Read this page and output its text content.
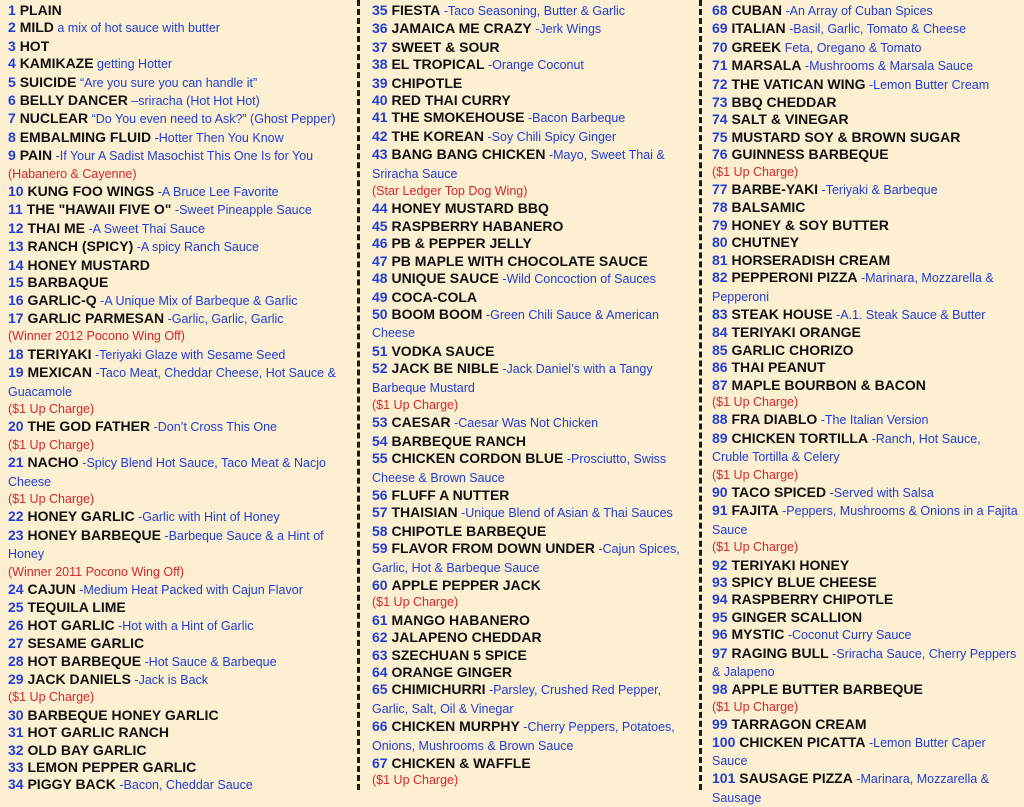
1 PLAIN
2 MILD a mix of hot sauce with butter
3 HOT
4 KAMIKAZE getting Hotter
5 SUICIDE “Are you sure you can handle it”
6 BELLY DANCER –sriracha (Hot Hot Hot)
7 NUCLEAR “Do You even need to Ask?” (Ghost Pepper)
8 EMBALMING FLUID -Hotter Then You Know
9 PAIN -If Your A Sadist Masochist This One Is for You
(Habanero & Cayenne)
10 KUNG FOO WINGS -A Bruce Lee Favorite
11 THE "HAWAII FIVE O" -Sweet Pineapple Sauce
12 THAI ME -A Sweet Thai Sauce
13 RANCH (SPICY) -A spicy Ranch Sauce
14 HONEY MUSTARD
15 BARBAQUE
16 GARLIC-Q -A Unique Mix of Barbeque & Garlic
17 GARLIC PARMESAN -Garlic, Garlic, Garlic
(Winner 2012 Pocono Wing Off)
18 TERIYAKI -Teriyaki Glaze with Sesame Seed
19 MEXICAN -Taco Meat, Cheddar Cheese, Hot Sauce & Guacamole
($1 Up Charge)
20 THE GOD FATHER -Don’t Cross This One
($1 Up Charge)
21 NACHO -Spicy Blend Hot Sauce, Taco Meat & Nacjo Cheese
($1 Up Charge)
22 HONEY GARLIC -Garlic with Hint of Honey
23 HONEY BARBEQUE -Barbeque Sauce & a Hint of Honey
(Winner 2011 Pocono Wing Off)
24 CAJUN -Medium Heat Packed with Cajun Flavor
25 TEQUILA LIME
26 HOT GARLIC -Hot with a Hint of Garlic
27 SESAME GARLIC
28 HOT BARBEQUE -Hot Sauce & Barbeque
29 JACK DANIELS -Jack is Back
($1 Up Charge)
30 BARBEQUE HONEY GARLIC
31 HOT GARLIC RANCH
32 OLD BAY GARLIC
33 LEMON PEPPER GARLIC
34 PIGGY BACK -Bacon, Cheddar Sauce
35 FIESTA -Taco Seasoning, Butter & Garlic
36 JAMAICA ME CRAZY -Jerk Wings
37 SWEET & SOUR
38 EL TROPICAL -Orange Coconut
39 CHIPOTLE
40 RED THAI CURRY
41 THE SMOKEHOUSE -Bacon Barbeque
42 THE KOREAN -Soy Chili Spicy Ginger
43 BANG BANG CHICKEN -Mayo, Sweet Thai & Sriracha Sauce
(Star Ledger Top Dog Wing)
44 HONEY MUSTARD BBQ
45 RASPBERRY HABANERO
46 PB & PEPPER JELLY
47 PB MAPLE WITH CHOCOLATE SAUCE
48 UNIQUE SAUCE -Wild Concoction of Sauces
49 COCA-COLA
50 BOOM BOOM -Green Chili Sauce & American Cheese
51 VODKA SAUCE
52 JACK BE NIBLE -Jack Daniel’s with a Tangy Barbeque Mustard
($1 Up Charge)
53 CAESAR -Caesar Was Not Chicken
54 BARBEQUE RANCH
55 CHICKEN CORDON BLUE -Prosciutto, Swiss Cheese & Brown Sauce
56 FLUFF A NUTTER
57 THAISIAN -Unique Blend of Asian & Thai Sauces
58 CHIPOTLE BARBEQUE
59 FLAVOR FROM DOWN UNDER -Cajun Spices, Garlic, Hot & Barbeque Sauce
60 APPLE PEPPER JACK
($1 Up Charge)
61 MANGO HABANERO
62 JALAPENO CHEDDAR
63 SZECHUAN 5 SPICE
64 ORANGE GINGER
65 CHIMICHURRI -Parsley, Crushed Red Pepper, Garlic, Salt, Oil & Vinegar
66 CHICKEN MURPHY -Cherry Peppers, Potatoes, Onions, Mushrooms & Brown Sauce
67 CHICKEN & WAFFLE
($1 Up Charge)
68 CUBAN -An Array of Cuban Spices
69 ITALIAN -Basil, Garlic, Tomato & Cheese
70 GREEK Feta, Oregano & Tomato
71 MARSALA -Mushrooms & Marsala Sauce
72 THE VATICAN WING -Lemon Butter Cream
73 BBQ CHEDDAR
74 SALT & VINEGAR
75 MUSTARD SOY & BROWN SUGAR
76 GUINNESS BARBEQUE
($1 Up Charge)
77 BARBE-YAKI -Teriyaki & Barbeque
78 BALSAMIC
79 HONEY & SOY BUTTER
80 CHUTNEY
81 HORSERADISH CREAM
82 PEPPERONI PIZZA -Marinara, Mozzarella & Pepperoni
83 STEAK HOUSE -A.1. Steak Sauce & Butter
84 TERIYAKI ORANGE
85 GARLIC CHORIZO
86 THAI PEANUT
87 MAPLE BOURBON & BACON
($1 Up Charge)
88 FRA DIABLO -The Italian Version
89 CHICKEN TORTILLA -Ranch, Hot Sauce, Cruble Tortilla & Celery
($1 Up Charge)
90 TACO SPICED -Served with Salsa
91 FAJITA -Peppers, Mushrooms & Onions in a Fajita Sauce
($1 Up Charge)
92 TERIYAKI HONEY
93 SPICY BLUE CHEESE
94 RASPBERRY CHIPOTLE
95 GINGER SCALLION
96 MYSTIC -Coconut Curry Sauce
97 RAGING BULL -Sriracha Sauce, Cherry Peppers & Jalapeno
98 APPLE BUTTER BARBEQUE
($1 Up Charge)
99 TARRAGON CREAM
100 CHICKEN PICATTA -Lemon Butter Caper Sauce
101 SAUSAGE PIZZA -Marinara, Mozzarella & Sausage
